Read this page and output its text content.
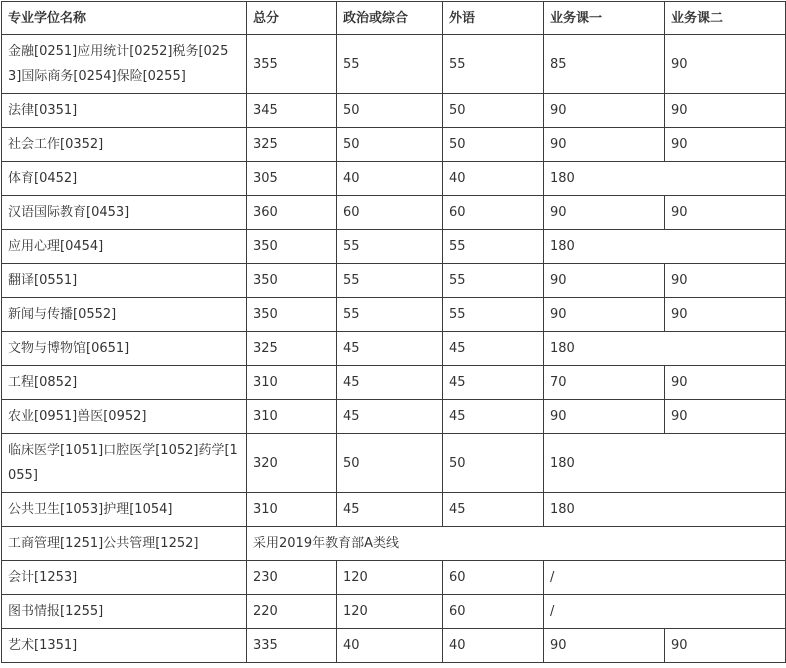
专业学位名称	总分	政治或综合	外语	业务课一	业务课二
金融[0251]应用统计[0252]税务[0253]国际商务[0254]保险[0255]	355	55	55	85	90
法律[0351]	345	50	50	90	90
社会工作[0352]	325	50	50	90	90
体育[0452]	305	40	40	180	
汉语国际教育[0453]	360	60	60	90	90
应用心理[0454]	350	55	55	180	
翻译[0551]	350	55	55	90	90
新闻与传播[0552]	350	55	55	90	90
文物与博物馆[0651]	325	45	45	180	
工程[0852]	310	45	45	70	90
农业[0951]兽医[0952]	310	45	45	90	90
临床医学[1051]口腔医学[1052]药学[1055]	320	50	50	180	
公共卫生[1053]护理[1054]	310	45	45	180	
工商管理[1251]公共管理[1252]	采用2019年教育部A类线				
会计[1253]	230	120	60	/	
图书情报[1255]	220	120	60	/	
艺术[1351]	335	40	40	90	90
